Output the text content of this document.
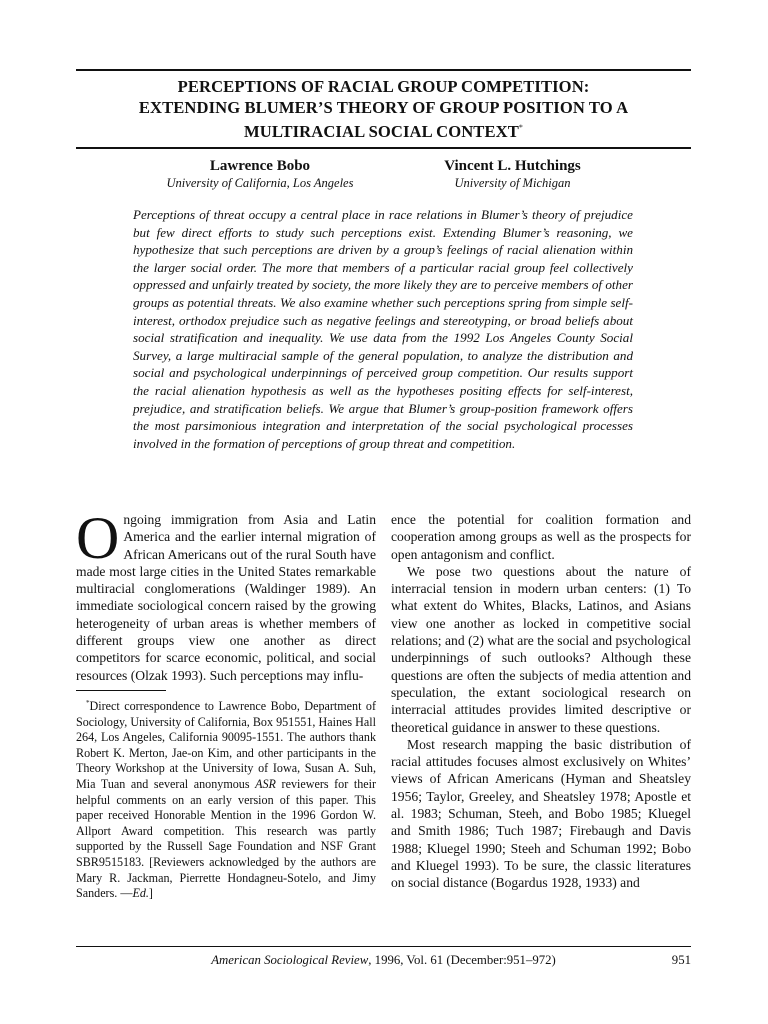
PERCEPTIONS OF RACIAL GROUP COMPETITION:
EXTENDING BLUMER’S THEORY OF GROUP POSITION TO A
MULTIRACIAL SOCIAL CONTEXT*
Lawrence Bobo
University of California, Los Angeles
Vincent L. Hutchings
University of Michigan

Perceptions of threat occupy a central place in race relations in Blumer’s theory of prejudice but few direct efforts to study such perceptions exist. Extending Blumer’s reasoning, we hypothesize that such perceptions are driven by a group’s feelings of racial alienation within the larger social order. The more that members of a particular racial group feel collectively oppressed and unfairly treated by society, the more likely they are to perceive members of other groups as potential threats. We also examine whether such perceptions spring from simple self-interest, orthodox prejudice such as negative feelings and stereotyping, or broad beliefs about social stratification and inequality. We use data from the 1992 Los Angeles County Social Survey, a large multiracial sample of the general population, to analyze the distribution and social and psychological underpinnings of perceived group competition. Our results support the racial alienation hypothesis as well as the hypotheses positing effects for self-interest, prejudice, and stratification beliefs. We argue that Blumer’s group-position framework offers the most parsimonious integration and interpretation of the social psychological processes involved in the formation of perceptions of group threat and competition.

Ongoing immigration from Asia and Latin America and the earlier internal migration of African Americans out of the rural South have made most large cities in the United States remarkable multiracial conglomerations (Waldinger 1989). An immediate sociological concern raised by the growing heterogeneity of urban areas is whether members of different groups view one another as direct competitors for scarce economic, political, and social resources (Olzak 1993). Such perceptions may influ-

*Direct correspondence to Lawrence Bobo, Department of Sociology, University of California, Box 951551, Haines Hall 264, Los Angeles, California 90095-1551. The authors thank Robert K. Merton, Jae-on Kim, and other participants in the Theory Workshop at the University of Iowa, Susan A. Suh, Mia Tuan and several anonymous ASR reviewers for their helpful comments on an early version of this paper. This paper received Honorable Mention in the 1996 Gordon W. Allport Award competition. This research was partly supported by the Russell Sage Foundation and NSF Grant SBR9515183. [Reviewers acknowledged by the authors are Mary R. Jackman, Pierrette Hondagneu-Sotelo, and Jimy Sanders. —Ed.]

ence the potential for coalition formation and cooperation among groups as well as the prospects for open antagonism and conflict.

We pose two questions about the nature of interracial tension in modern urban centers: (1) To what extent do Whites, Blacks, Latinos, and Asians view one another as locked in competitive social relations; and (2) what are the social and psychological underpinnings of such outlooks? Although these questions are often the subjects of media attention and speculation, the extant sociological research on interracial attitudes provides limited descriptive or theoretical guidance in answer to these questions.

Most research mapping the basic distribution of racial attitudes focuses almost exclusively on Whites’ views of African Americans (Hyman and Sheatsley 1956; Taylor, Greeley, and Sheatsley 1978; Apostle et al. 1983; Schuman, Steeh, and Bobo 1985; Kluegel and Smith 1986; Tuch 1987; Firebaugh and Davis 1988; Kluegel 1990; Steeh and Schuman 1992; Bobo and Kluegel 1993). To be sure, the classic literatures on social distance (Bogardus 1928, 1933) and

American Sociological Review, 1996, Vol. 61 (December:951–972)	951
